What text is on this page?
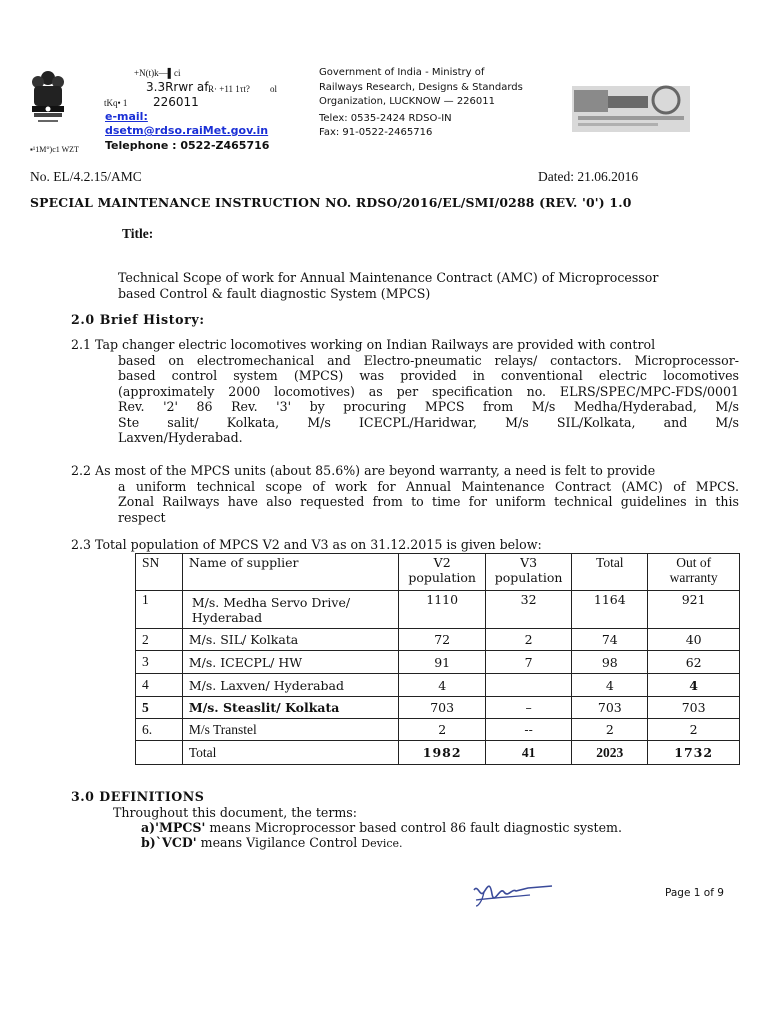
+N(t)k—▌ci
3.3Rrwr аf
´R· +11 1τt? ol
tKq• 1 226011
e-mail:
dsetm@rdso.raiMet.gov.in
Telephone : 0522-Z465716
▪¹1M°)c1 WZT
Government of India - Ministry of
Railways Research, Designs & Standards
Organization, LUCKNOW — 226011
Telex: 0535-2424 RDSO-IN
Fax: 91-0522-2465716
No. EL/4.2.15/AMC	Dated: 21.06.2016
SPECIAL MAINTENANCE INSTRUCTION NO. RDSO/2016/EL/SMI/0288 (REV. '0') 1.0
Title:
Technical Scope of work for Annual Maintenance Contract (AMC) of Microprocessor
based Control & fault diagnostic System (MPCS)
2.0 Brief History:
2.1 Tap changer electric locomotives working on Indian Railways are provided with control
based on electromechanical and Electro-pneumatic relays/ contactors. Microprocessor-
based control system (MPCS) was provided in conventional electric locomotives
(approximately 2000 locomotives) as per specification no. ELRS/SPEC/MPC-FDS/0001
Rev. '2' 86 Rev. '3' by procuring MPCS from M/s Medha/Hyderabad, M/s
Ste salit/ Kolkata, M/s ICECPL/Haridwar, M/s SIL/Kolkata, and M/s
Laxven/Hyderabad.
2.2 As most of the MPCS units (about 85.6%) are beyond warranty, a need is felt to provide
a uniform technical scope of work for Annual Maintenance Contract (AMC) of MPCS.
Zonal Railways have also requested from to time for uniform technical guidelines in this
respect
2.3 Total population of MPCS V2 and V3 as on 31.12.2015 is given below:
SN	Name of supplier	V2 population	V3 population	Total	Out of warranty
1	M/s. Medha Servo Drive/ Hyderabad	1110	32	1164	921
2	M/s. SIL/ Kolkata	72	2	74	40
3	M/s. ICECPL/ HW	91	7	98	62
4	M/s. Laxven/ Hyderabad	4		4	4
5	M/s. Steaslit/ Kolkata	703	–	703	703
6.	M/s Transtel	2	--	2	2
	Total	1982	41	2023	1732
3.0 DEFINITIONS
Throughout this document, the terms:
a)'MPCS' means Microprocessor based control 86 fault diagnostic system.
b)`VCD' means Vigilance Control Device.
Page 1 of 9
